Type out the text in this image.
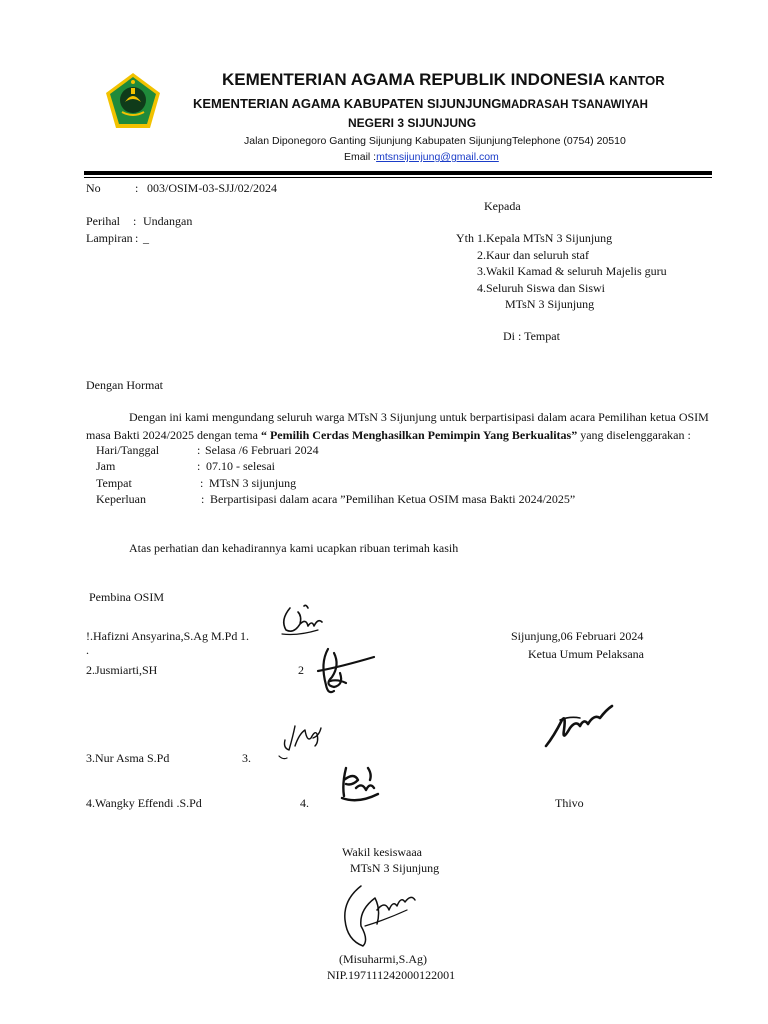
KEMENTERIAN AGAMA REPUBLIK INDONESIA KANTOR
KEMENTERIAN AGAMA KABUPATEN SIJUNJUNGMADRASAH TSANAWIYAH
NEGERI 3 SIJUNJUNG
Jalan Diponegoro Ganting Sijunjung Kabupaten SijunjungTelephone (0754) 20510
Email :mtsnsijunjung@gmail.com
No	: 003/OSIM-03-SJJ/02/2024
Perihal : Undangan
Lampiran : _
Kepada
Yth 1.Kepala MTsN 3 Sijunjung
2.Kaur dan seluruh staf
3.Wakil Kamad & seluruh Majelis guru
4.Seluruh Siswa dan Siswi
MTsN 3 Sijunjung
Di : Tempat
Dengan Hormat
Dengan ini kami mengundang seluruh warga MTsN 3 Sijunjung untuk berpartisipasi dalam acara Pemilihan ketua OSIM
masa Bakti 2024/2025 dengan tema “ Pemilih Cerdas Menghasilkan Pemimpin Yang Berkualitas” yang diselenggarakan :
Hari/Tanggal	: Selasa /6 Februari 2024
Jam	: 07.10 - selesai
Tempat	: MTsN 3 sijunjung
Keperluan	: Berpartisipasi dalam acara ”Pemilihan Ketua OSIM masa Bakti 2024/2025”
Atas perhatian dan kehadirannya kami ucapkan ribuan terimah kasih
Pembina OSIM
!.Hafizni Ansyarina,S.Ag M.Pd 1.
.
2.Jusmiarti,SH	2
3.Nur Asma S.Pd	3.
4.Wangky Effendi .S.Pd	4.
Sijunjung,06 Februari 2024
Ketua Umum Pelaksana
Thivo
Wakil kesiswaaa
MTsN 3 Sijunjung
(Misuharmi,S.Ag)
NIP.197111242000122001
